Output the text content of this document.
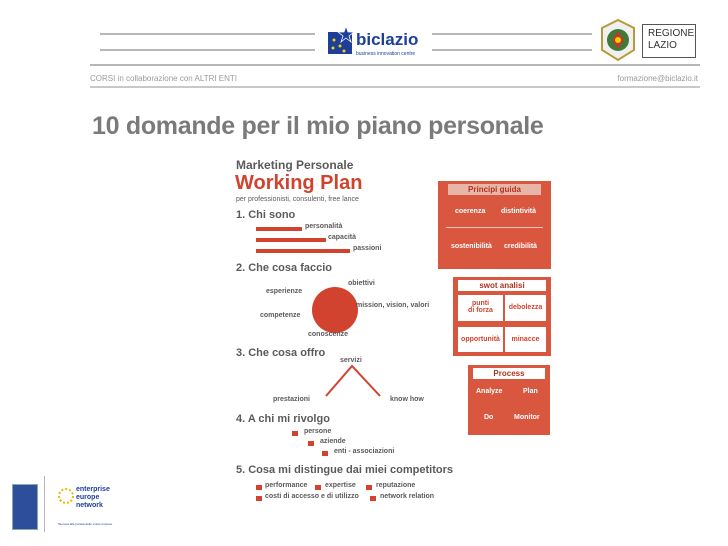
biclazio
business innovation centre
REGIONE
LAZIO
CORSI in collaborazione con ALTRI ENTI	formazione@biclazio.it
10 domande per il mio piano personale
Marketing Personale
Working Plan
per professionisti, consulenti, free lance
1. Chi sono
personalità
capacità
passioni
2. Che cosa faccio
obiettivi
esperienze
mission, vision, valori
competenze
conoscenze
3. Che cosa offro
servizi
prestazioni	know how
4. A chi mi rivolgo
persone
aziende
enti - associazioni
5. Cosa mi distingue dai miei competitors
performance	expertise	reputazione
costi di accesso e di utilizzo	network relation
Principi guida
coerenza distintività
sostenibilità credibilità
swot analisi
punti
di forza	debolezza
opportunità	minacce
Process
Analyze	Plan
Do	Monitor
enterprise
europe
network
l'Europa alla portata delle vostre imprese
